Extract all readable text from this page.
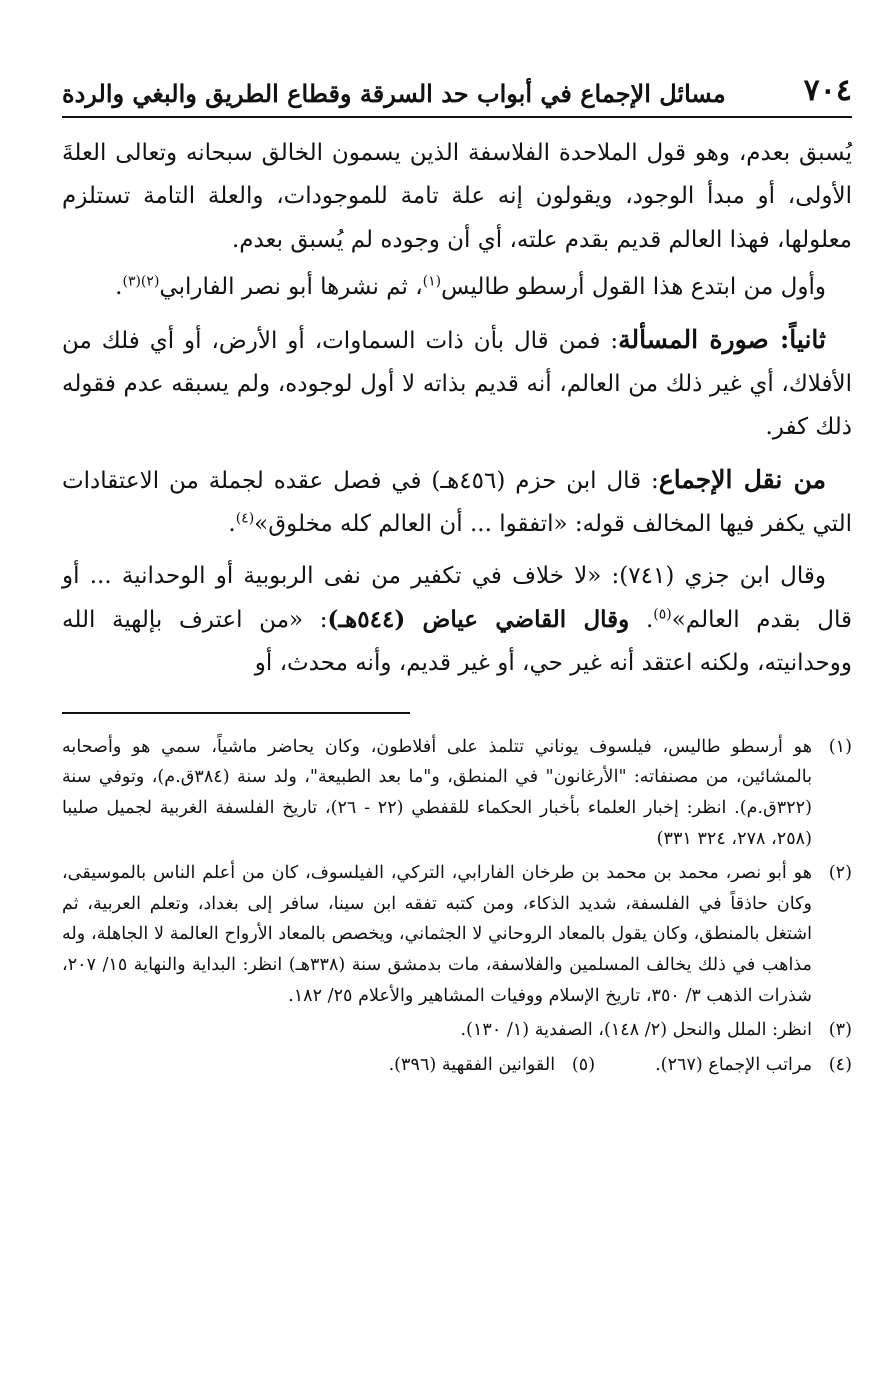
٧٠٤
مسائل الإجماع في أبواب حد السرقة وقطاع الطريق والبغي والردة

يُسبق بعدم، وهو قول الملاحدة الفلاسفة الذين يسمون الخالق سبحانه وتعالى العلةَ الأولى، أو مبدأ الوجود، ويقولون إنه علة تامة للموجودات، والعلة التامة تستلزم معلولها، فهذا العالم قديم بقدم علته، أي أن وجوده لم يُسبق بعدم.

وأول من ابتدع هذا القول أرسطو طاليس$^{(١)}$، ثم نشرها أبو نصر الفارابي$^{(٢)(٣)}$.

ثانياً: صورة المسألة: فمن قال بأن ذات السماوات، أو الأرض، أو أي فلك من الأفلاك، أي غير ذلك من العالم، أنه قديم بذاته لا أول لوجوده، ولم يسبقه عدم فقوله ذلك كفر.

من نقل الإجماع: قال ابن حزم (٤٥٦هـ) في فصل عقده لجملة من الاعتقادات التي يكفر فيها المخالف قوله: «اتفقوا ... أن العالم كله مخلوق»$^{(٤)}$.

وقال ابن جزي (٧٤١): «لا خلاف في تكفير من نفى الربوبية أو الوحدانية ... أو قال بقدم العالم»$^{(٥)}$. وقال القاضي عياض (٥٤٤هـ): «من اعترف بإلهية الله ووحدانيته، ولكنه اعتقد أنه غير حي، أو غير قديم، وأنه محدث، أو

(١)
هو أرسطو طاليس، فيلسوف يوناني تتلمذ على أفلاطون، وكان يحاضر ماشياً، سمي هو وأصحابه بالمشائين، من مصنفاته: "الأرغانون" في المنطق، و"ما بعد الطبيعة"، ولد سنة (٣٨٤ق.م)، وتوفي سنة (٣٢٢ق.م). انظر: إخبار العلماء بأخبار الحكماء للقفطي (٢٢ - ٢٦)، تاريخ الفلسفة الغربية لجميل صليبا (٢٥٨، ٢٧٨، ٣٢٤ ٣٣١)
(٢)
هو أبو نصر، محمد بن محمد بن طرخان الفارابي، التركي، الفيلسوف، كان من أعلم الناس بالموسيقى، وكان حاذقاً في الفلسفة، شديد الذكاء، ومن كتبه تفقه ابن سينا، سافر إلى بغداد، وتعلم العربية، ثم اشتغل بالمنطق، وكان يقول بالمعاد الروحاني لا الجثماني، ويخصص بالمعاد الأرواح العالمة لا الجاهلة، وله مذاهب في ذلك يخالف المسلمين والفلاسفة، مات بدمشق سنة (٣٣٨هـ) انظر: البداية والنهاية ١٥/ ٢٠٧، شذرات الذهب ٣/ ٣٥٠، تاريخ الإسلام ووفيات المشاهير والأعلام ٢٥/ ١٨٢.
(٣)
انظر: الملل والنحل (٢/ ١٤٨)، الصفدية (١/ ١٣٠).
(٤)
مراتب الإجماع (٢٦٧).
(٥)
القوانين الفقهية (٣٩٦).
